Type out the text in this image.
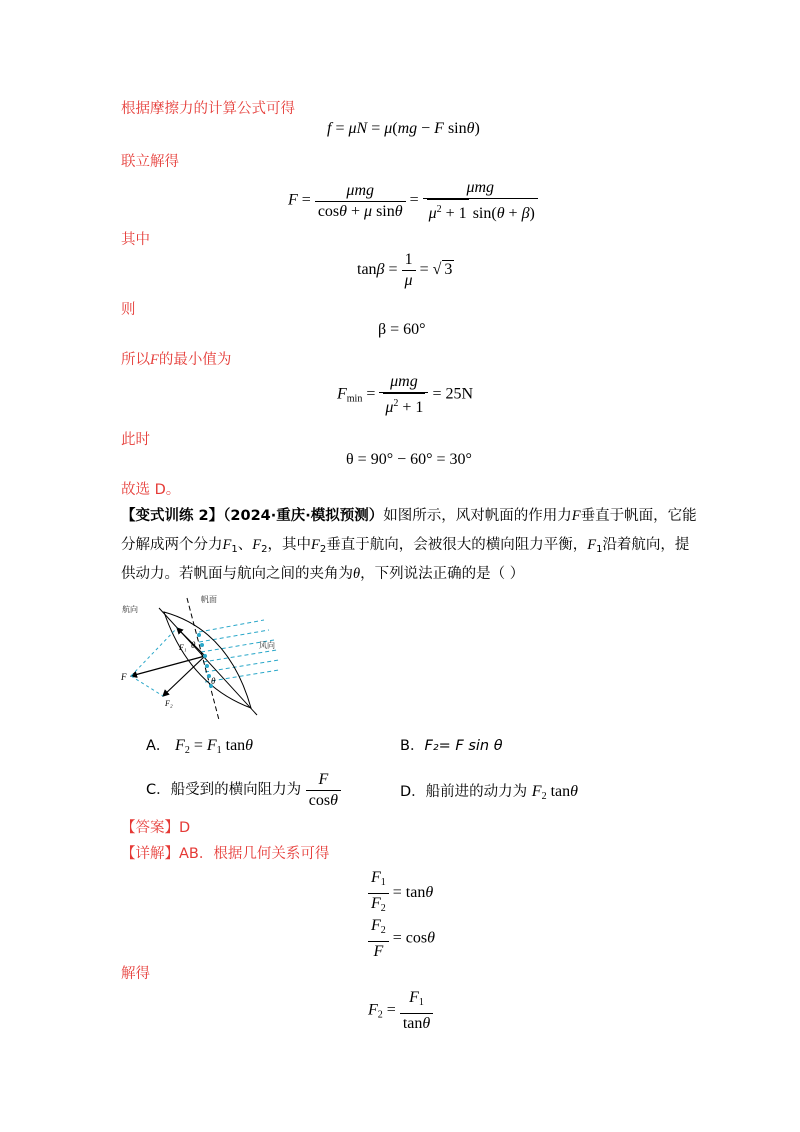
根据摩擦力的计算公式可得
f = μN = μ(mg − F sinθ)
联立解得
$F = \frac{\text{μmg}}{\text{cosθ + μ sinθ}} = \frac{\text{μmg}}{\mu^2 + 1 \sin(\theta + \beta)}$
其中
$\tan\beta = \frac{1}{\mu}$ = √ 3
则
β = 60°
所以F的最小值为
$F_{min} = \frac{\text{μmg}}{\mu^2 + 1} = 25N$
此时
θ = 90° − 60° = 30°
故选 D。
【变式训练 2】（2024·重庆·模拟预测）如图所示，风对帆面的作用力F垂直于帆面，它能
分解成两个分力$F_1$、$F_2$，其中$F_2$垂直于航向，会被很大的横向阻力平衡，$F_1$沿着航向，提
供动力。若帆面与航向之间的夹角为θ，下列说法正确的是（ ）
航向
帆面
风向
F
F₁
F₂
θ
θ
A． $F_2 = F_1$ tanθ	B．F₂= F sin θ
C．船受到的横向阻力为 $\frac{F}{\cos\theta}$	D．船前进的动力为 $F_2$ tanθ
【答案】D
【详解】AB．根据几何关系可得
$\frac{F_1}{F_2} = \tan\theta$
$\frac{F_2}{F} = \cos\theta$
解得
$F_2 = \frac{F_1}{\tan\theta}$
